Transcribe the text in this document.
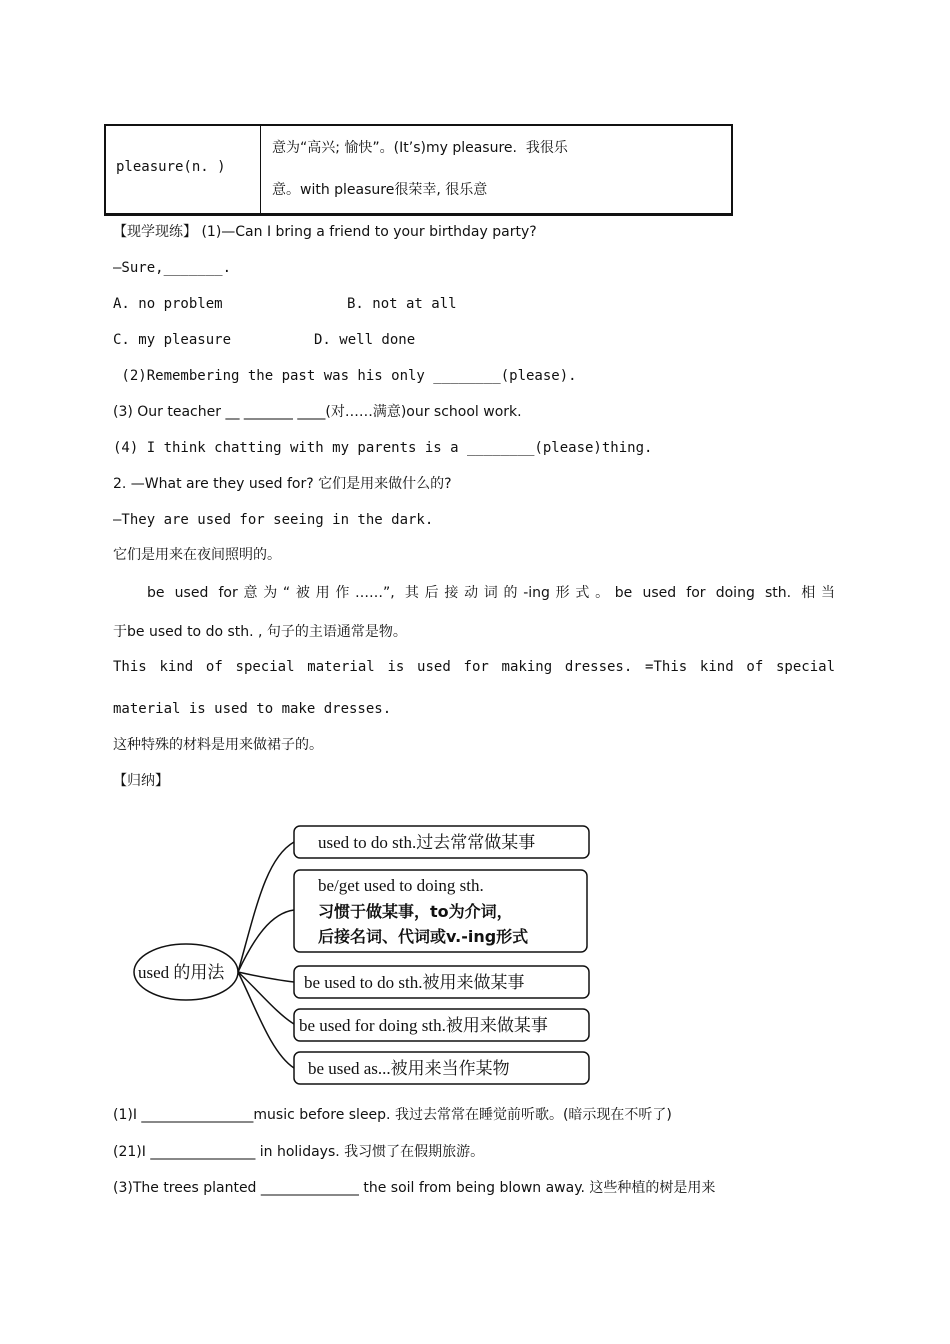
pleasure(n. )
意为“高兴; 愉快”。(It’s)my pleasure.  我很乐
意。with pleasure很荣幸, 很乐意
【现学现练】 (1)—Can I bring a friend to your birthday party?
—Sure,_______.
A. no problem	B. not at all
C. my pleasure	D. well done
(2)Remembering the past was his only ________(please).
(3) Our teacher __ _______ ____(对……满意)our school work.
(4) I think chatting with my parents is a ________(please)thing.
2. —What are they used for? 它们是用来做什么的?
—They are used for seeing in the dark.
它们是用来在夜间照明的。
be used for意为“被用作……”, 其后接动词的-ing形式。be used for doing sth. 相当
于be used to do sth. , 句子的主语通常是物。
This kind of special material is used for making dresses. =This kind of special
material is used to make dresses.
这种特殊的材料是用来做裙子的。
【归纳】
used 的用法
used to do sth.过去常常做某事
be/get used to doing sth.
习惯于做某事，to为介词，
后接名词、代词或v.-ing形式
be used to do sth.被用来做某事
be used for doing sth.被用来做某事
be used as...被用来当作某物
(1)I ________________music before sleep. 我过去常常在睡觉前听歌。(暗示现在不听了)
(21)I _______________ in holidays. 我习惯了在假期旅游。
(3)The trees planted ______________ the soil from being blown away. 这些种植的树是用来
